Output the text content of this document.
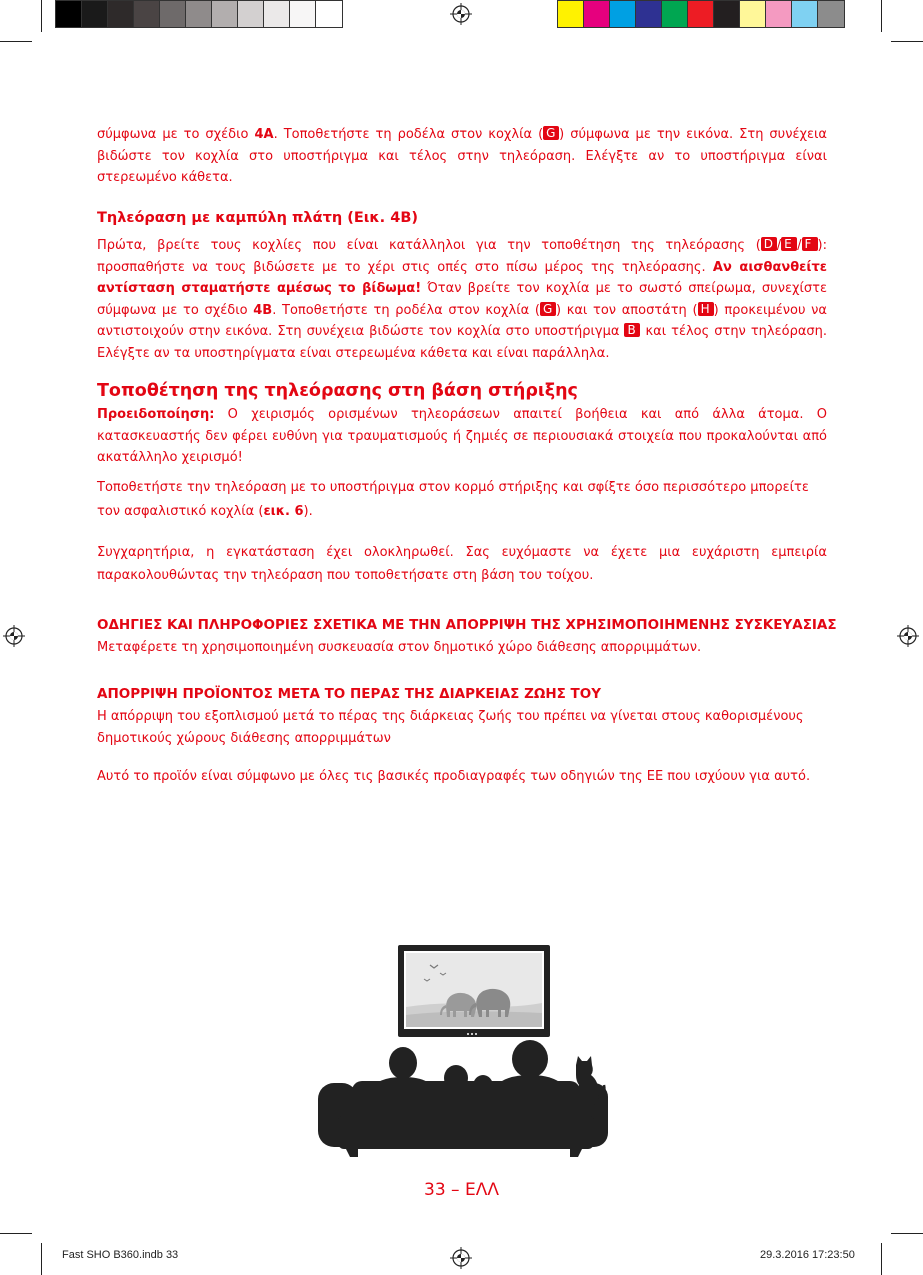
σύμφωνα με το σχέδιο 4Α. Τοποθετήστε τη ροδέλα στον κοχλία ( G ) σύμφωνα με την εικόνα. Στη συνέχεια βιδώστε τον κοχλία στο υποστήριγμα και τέλος στην τηλεόραση. Ελέγξτε αν το υποστήριγμα είναι στερεωμένο κάθετα.
Τηλεόραση με καμπύλη πλάτη (Εικ. 4B)
Πρώτα, βρείτε τους κοχλίες που είναι κατάλληλοι για την τοποθέτηση της τηλεόρασης ( D / E / F ): προσπαθήστε να τους βιδώσετε με το χέρι στις οπές στο πίσω μέρος της τηλεόρασης. Αν αισθανθείτε αντίσταση σταματήστε αμέσως το βίδωμα! Όταν βρείτε τον κοχλία με το σωστό σπείρωμα, συνεχίστε σύμφωνα με το σχέδιο 4B. Τοποθετήστε τη ροδέλα στον κοχλία ( G ) και τον αποστάτη ( H ) προκειμένου να αντιστοιχούν στην εικόνα. Στη συνέχεια βιδώστε τον κοχλία στο υποστήριγμα B και τέλος στην τηλεόραση. Ελέγξτε αν τα υποστηρίγματα είναι στερεωμένα κάθετα και είναι παράλληλα.
Τοποθέτηση της τηλεόρασης στη βάση στήριξης
Προειδοποίηση: Ο χειρισμός ορισμένων τηλεοράσεων απαιτεί βοήθεια και από άλλα άτομα. Ο κατασκευαστής δεν φέρει ευθύνη για τραυματισμούς ή ζημιές σε περιουσιακά στοιχεία που προκαλούνται από ακατάλληλο χειρισμό!
Τοποθετήστε την τηλεόραση με το υποστήριγμα στον κορμό στήριξης και σφίξτε όσο περισσότερο μπορείτε τον ασφαλιστικό κοχλία (εικ. 6).
Συγχαρητήρια, η εγκατάσταση έχει ολοκληρωθεί. Σας ευχόμαστε να έχετε μια ευχάριστη εμπειρία παρακολουθώντας την τηλεόραση που τοποθετήσατε στη βάση του τοίχου.
ΟΔΗΓΙΕΣ ΚΑΙ ΠΛΗΡΟΦΟΡΙΕΣ ΣΧΕΤΙΚΑ ΜΕ ΤΗΝ ΑΠΟΡΡΙΨΗ ΤΗΣ ΧΡΗΣΙΜΟΠΟΙΗΜΕΝΗΣ ΣΥΣΚΕΥΑΣΙΑΣ
Μεταφέρετε τη χρησιμοποιημένη συσκευασία στον δημοτικό χώρο διάθεσης απορριμμάτων.
ΑΠΟΡΡΙΨΗ ΠΡΟΪΟΝΤΟΣ ΜΕΤΑ ΤΟ ΠΕΡΑΣ ΤΗΣ ΔΙΑΡΚΕΙΑΣ ΖΩΗΣ ΤΟΥ
Η απόρριψη του εξοπλισμού μετά το πέρας της διάρκειας ζωής του πρέπει να γίνεται στους καθορισμένους δημοτικούς χώρους διάθεσης απορριμμάτων
Αυτό το προϊόν είναι σύμφωνο με όλες τις βασικές προδιαγραφές των οδηγιών της ΕΕ που ισχύουν για αυτό.
33 – ΕΛΛ
Fast SHO B360.indb 33	29.3.2016 17:23:50
